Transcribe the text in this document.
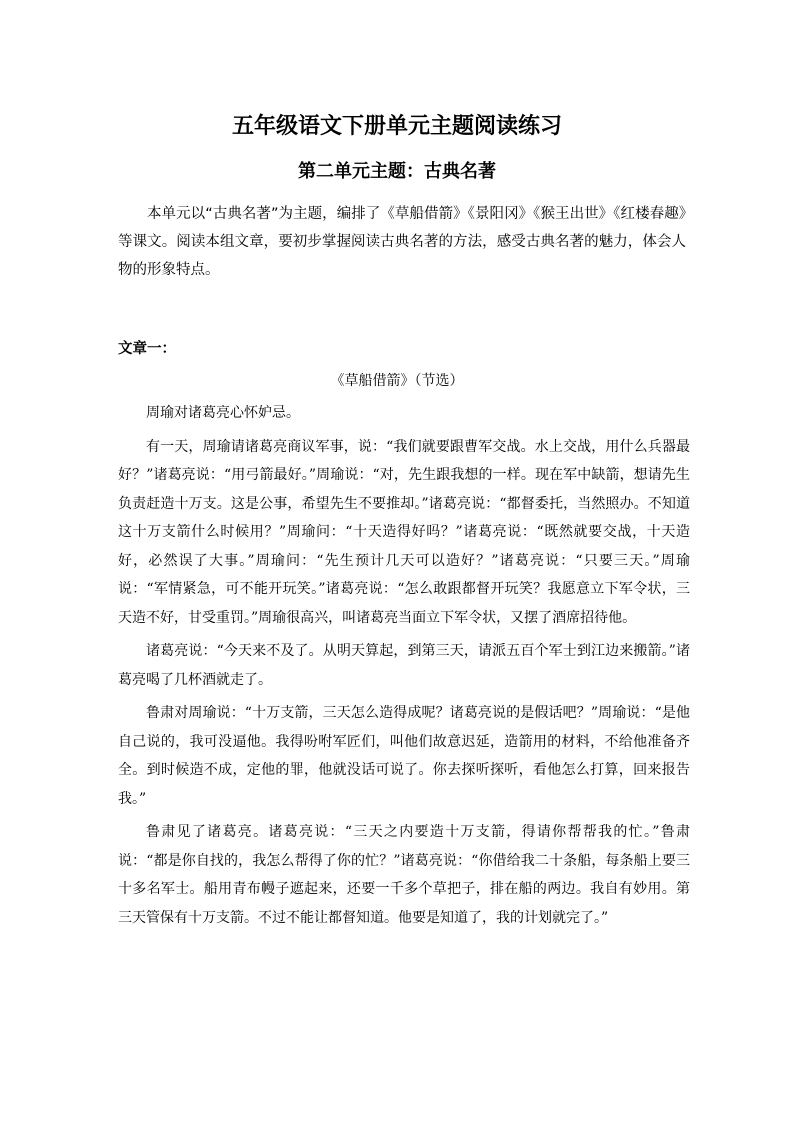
五年级语文下册单元主题阅读练习
第二单元主题：古典名著

本单元以“古典名著”为主题，编排了《草船借箭》《景阳冈》《猴王出世》《红楼春趣》等课文。阅读本组文章，要初步掌握阅读古典名著的方法，感受古典名著的魅力，体会人物的形象特点。

文章一：

《草船借箭》（节选）

周瑜对诸葛亮心怀妒忌。

有一天，周瑜请诸葛亮商议军事，说：“我们就要跟曹军交战。水上交战，用什么兵器最好？”诸葛亮说：“用弓箭最好。”周瑜说：“对，先生跟我想的一样。现在军中缺箭，想请先生负责赶造十万支。这是公事，希望先生不要推却。”诸葛亮说：“都督委托，当然照办。不知道这十万支箭什么时候用？”周瑜问：“十天造得好吗？”诸葛亮说：“既然就要交战，十天造好，必然误了大事。”周瑜问：“先生预计几天可以造好？”诸葛亮说：“只要三天。”周瑜说：“军情紧急，可不能开玩笑。”诸葛亮说：“怎么敢跟都督开玩笑？我愿意立下军令状，三天造不好，甘受重罚。”周瑜很高兴，叫诸葛亮当面立下军令状，又摆了酒席招待他。

诸葛亮说：“今天来不及了。从明天算起，到第三天，请派五百个军士到江边来搬箭。”诸葛亮喝了几杯酒就走了。

鲁肃对周瑜说：“十万支箭，三天怎么造得成呢？诸葛亮说的是假话吧？”周瑜说：“是他自己说的，我可没逼他。我得吩咐军匠们，叫他们故意迟延，造箭用的材料，不给他准备齐全。到时候造不成，定他的罪，他就没话可说了。你去探听探听，看他怎么打算，回来报告我。”

鲁肃见了诸葛亮。诸葛亮说：“三天之内要造十万支箭，得请你帮帮我的忙。”鲁肃说：“都是你自找的，我怎么帮得了你的忙？”诸葛亮说：“你借给我二十条船，每条船上要三十多名军士。船用青布幔子遮起来，还要一千多个草把子，排在船的两边。我自有妙用。第三天管保有十万支箭。不过不能让都督知道。他要是知道了，我的计划就完了。”
